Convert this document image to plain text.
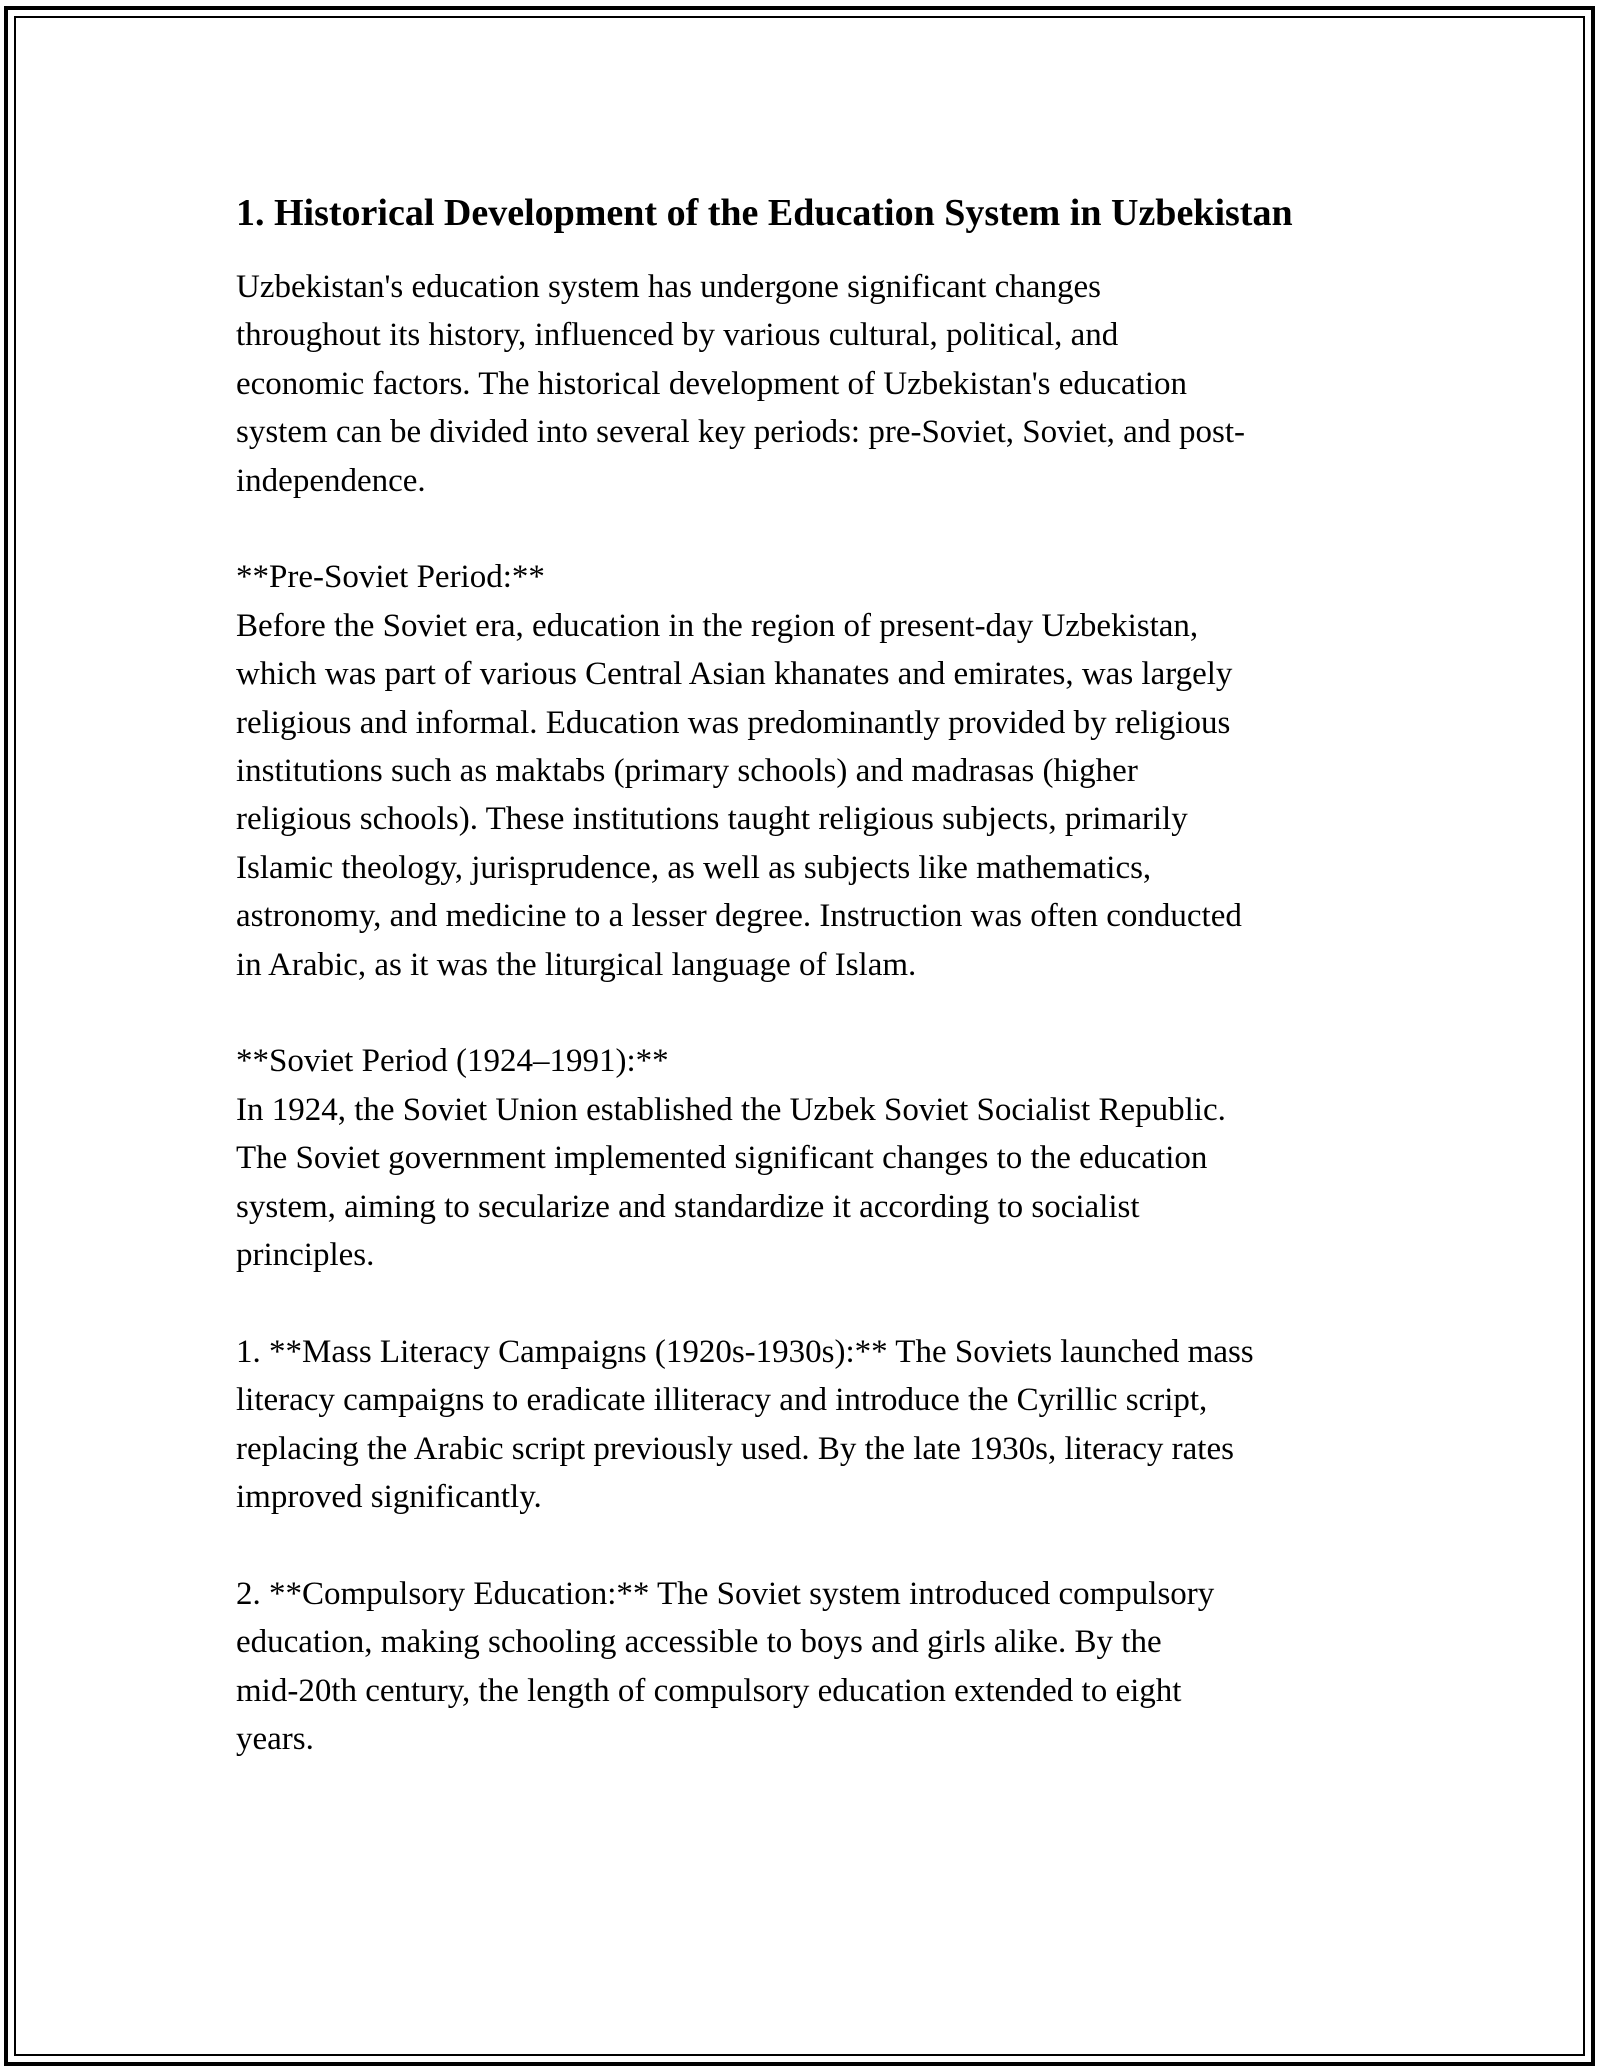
1. Historical Development of the Education System in Uzbekistan

Uzbekistan's education system has undergone significant changes
throughout its history, influenced by various cultural, political, and
economic factors. The historical development of Uzbekistan's education
system can be divided into several key periods: pre-Soviet, Soviet, and post-
independence.

**Pre-Soviet Period:**
Before the Soviet era, education in the region of present-day Uzbekistan,
which was part of various Central Asian khanates and emirates, was largely
religious and informal. Education was predominantly provided by religious
institutions such as maktabs (primary schools) and madrasas (higher
religious schools). These institutions taught religious subjects, primarily
Islamic theology, jurisprudence, as well as subjects like mathematics,
astronomy, and medicine to a lesser degree. Instruction was often conducted
in Arabic, as it was the liturgical language of Islam.

**Soviet Period (1924–1991):**
In 1924, the Soviet Union established the Uzbek Soviet Socialist Republic.
The Soviet government implemented significant changes to the education
system, aiming to secularize and standardize it according to socialist
principles.

1. **Mass Literacy Campaigns (1920s-1930s):** The Soviets launched mass
literacy campaigns to eradicate illiteracy and introduce the Cyrillic script,
replacing the Arabic script previously used. By the late 1930s, literacy rates
improved significantly.

2. **Compulsory Education:** The Soviet system introduced compulsory
education, making schooling accessible to boys and girls alike. By the
mid-20th century, the length of compulsory education extended to eight
years.
